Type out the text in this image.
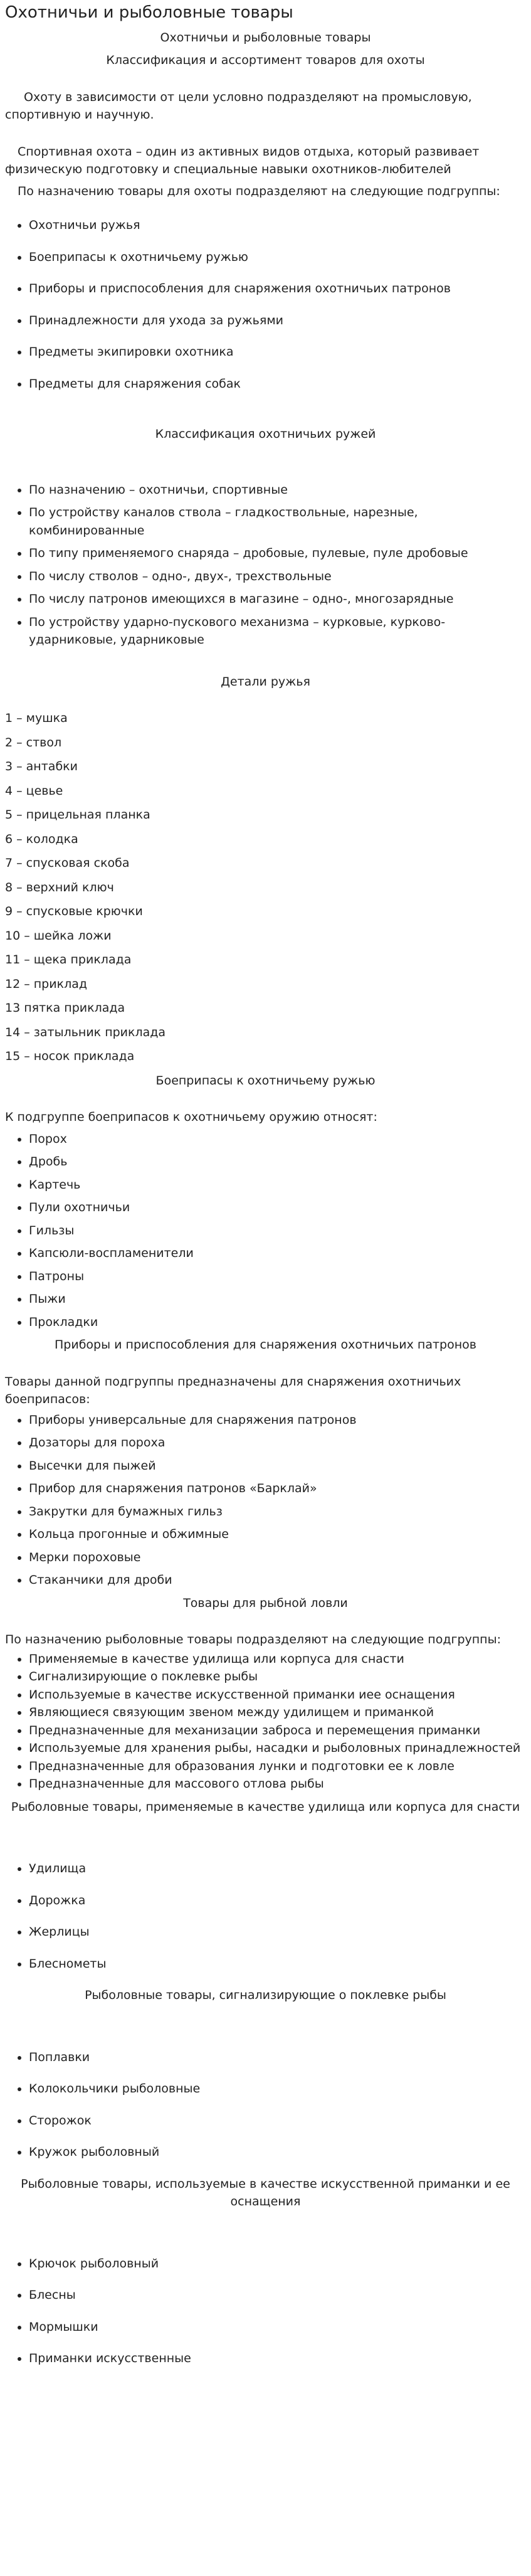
Охотничьи и рыболовные товары

Охотничьи и рыболовные товары

Классификация и ассортимент товаров для охоты

Охоту в зависимости от цели условно подразделяют на промысловую, спортивную и научную.

Спортивная охота – один из активных видов отдыха, который развивает физическую подготовку и специальные навыки охотников-любителей

По назначению товары для охоты подразделяют на следующие подгруппы:

• Охотничьи ружья
• Боеприпасы к охотничьему ружью
• Приборы и приспособления для снаряжения охотничьих патронов
• Принадлежности для ухода за ружьями
• Предметы экипировки охотника
• Предметы для снаряжения собак

Классификация охотничьих ружей

• По назначению – охотничьи, спортивные
• По устройству каналов ствола – гладкоствольные, нарезные, комбинированные
• По типу применяемого снаряда – дробовые, пулевые, пуле дробовые
• По числу стволов – одно-, двух-, трехствольные
• По числу патронов имеющихся в магазине – одно-, многозарядные
• По устройству ударно-пускового механизма – курковые, курково-ударниковые, ударниковые

Детали ружья

1 – мушка

2 – ствол

3 – антабки

4 – цевье

5 – прицельная планка

6 – колодка

7 – спусковая скоба

8 – верхний ключ

9 – спусковые крючки

10 – шейка ложи

11 – щека приклада

12 – приклад

13 пятка приклада

14 – затыльник приклада

15 – носок приклада

Боеприпасы к охотничьему ружью

К подгруппе боеприпасов к охотничьему оружию относят:

• Порох
• Дробь
• Картечь
• Пули охотничьи
• Гильзы
• Капсюли-воспламенители
• Патроны
• Пыжи
• Прокладки

Приборы и приспособления для снаряжения охотничьих патронов

Товары данной подгруппы предназначены для снаряжения охотничьих боеприпасов:

• Приборы универсальные для снаряжения патронов
• Дозаторы для пороха
• Высечки для пыжей
• Прибор для снаряжения патронов «Барклай»
• Закрутки для бумажных гильз
• Кольца прогонные и обжимные
• Мерки пороховые
• Стаканчики для дроби

Товары для рыбной ловли

По назначению рыболовные товары подразделяют на следующие подгруппы:

• Применяемые в качестве удилища или корпуса для снасти
• Сигнализирующие о поклевке рыбы
• Используемые в качестве искусственной приманки иее оснащения
• Являющиеся связующим звеном между удилищем и приманкой
• Предназначенные для механизации заброса и перемещения приманки
• Используемые для хранения рыбы, насадки и рыболовных принадлежностей
• Предназначенные для образования лунки и подготовки ее к ловле
• Предназначенные для массового отлова рыбы

Рыболовные товары, применяемые в качестве удилища или корпуса для снасти

• Удилища
• Дорожка
• Жерлицы
• Блеснометы

Рыболовные товары, сигнализирующие о поклевке рыбы

• Поплавки
• Колокольчики рыболовные
• Сторожок
• Кружок рыболовный

Рыболовные товары, используемые в качестве искусственной приманки и ее оснащения

• Крючок рыболовный
• Блесны
• Мормышки
• Приманки искусственные
